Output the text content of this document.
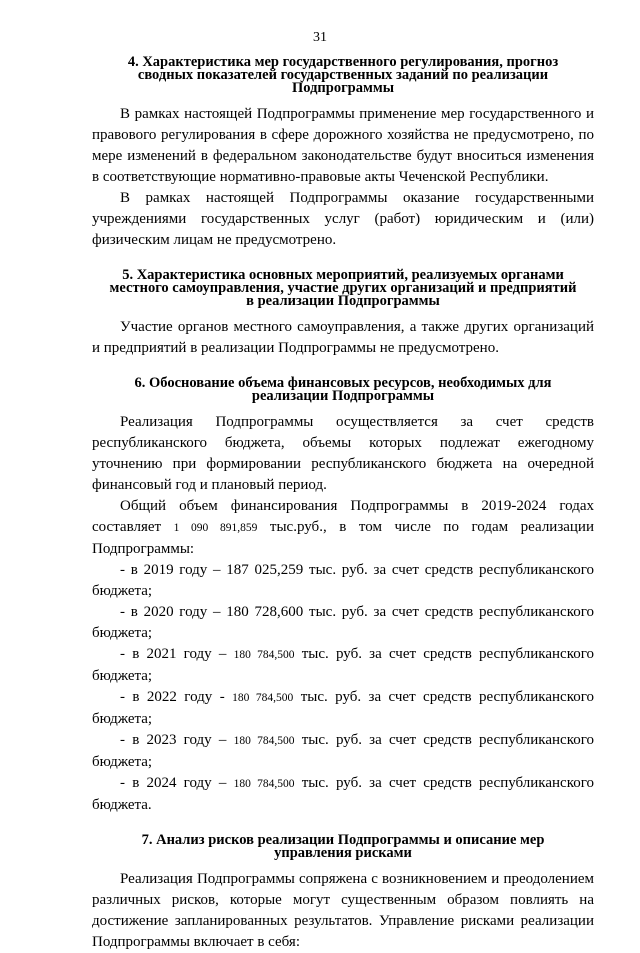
31
4. Характеристика мер государственного регулирования, прогноз
сводных показателей государственных заданий по реализации
Подпрограммы

В рамках настоящей Подпрограммы применение мер государственного и правового регулирования в сфере дорожного хозяйства не предусмотрено, по мере изменений в федеральном законодательстве будут вноситься изменения в соответствующие нормативно-правовые акты Чеченской Республики.

В рамках настоящей Подпрограммы оказание государственными учреждениями государственных услуг (работ) юридическим и (или) физическим лицам не предусмотрено.

5. Характеристика основных мероприятий, реализуемых органами
местного самоуправления, участие других организаций и предприятий
в реализации Подпрограммы

Участие органов местного самоуправления, а также других организаций и предприятий в реализации Подпрограммы не предусмотрено.

6. Обоснование объема финансовых ресурсов, необходимых для
реализации Подпрограммы

Реализация Подпрограммы осуществляется за счет средств республиканского бюджета, объемы которых подлежат ежегодному уточнению при формировании республиканского бюджета на очередной финансовый год и плановый период.

Общий объем финансирования Подпрограммы в 2019-2024 годах составляет 1 090 891,859 тыс.руб., в том числе по годам реализации Подпрограммы:

- в 2019 году – 187 025,259 тыс. руб. за счет средств республиканского бюджета;

- в 2020 году – 180 728,600 тыс. руб. за счет средств республиканского бюджета;

- в 2021 году – 180 784,500 тыс. руб. за счет средств республиканского бюджета;

- в 2022 году - 180 784,500 тыс. руб. за счет средств республиканского бюджета;

- в 2023 году – 180 784,500 тыс. руб. за счет средств республиканского бюджета;

- в 2024 году – 180 784,500 тыс. руб. за счет средств республиканского бюджета.

7. Анализ рисков реализации Подпрограммы и описание мер
управления рисками

Реализация Подпрограммы сопряжена с возникновением и преодолением различных рисков, которые могут существенным образом повлиять на достижение запланированных результатов. Управление рисками реализации Подпрограммы включает в себя:
